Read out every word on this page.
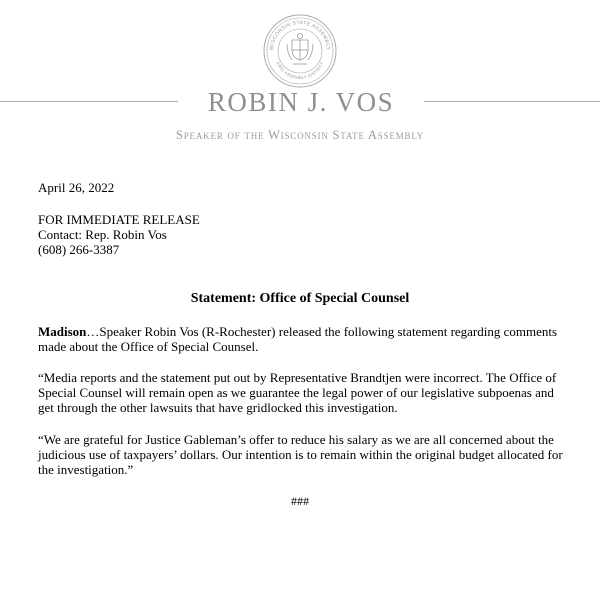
WISCONSIN STATE ASSEMBLY
63RD ASSEMBLY DISTRICT
ROBIN J. VOS
Speaker of the Wisconsin State Assembly
April 26, 2022
FOR IMMEDIATE RELEASE
Contact: Rep. Robin Vos
(608) 266-3387
Statement: Office of Special Counsel
Madison…Speaker Robin Vos (R-Rochester) released the following statement regarding comments made about the Office of Special Counsel.
“Media reports and the statement put out by Representative Brandtjen were incorrect. The Office of Special Counsel will remain open as we guarantee the legal power of our legislative subpoenas and get through the other lawsuits that have gridlocked this investigation.
“We are grateful for Justice Gableman’s offer to reduce his salary as we are all concerned about the judicious use of taxpayers’ dollars. Our intention is to remain within the original budget allocated for the investigation.”
###
